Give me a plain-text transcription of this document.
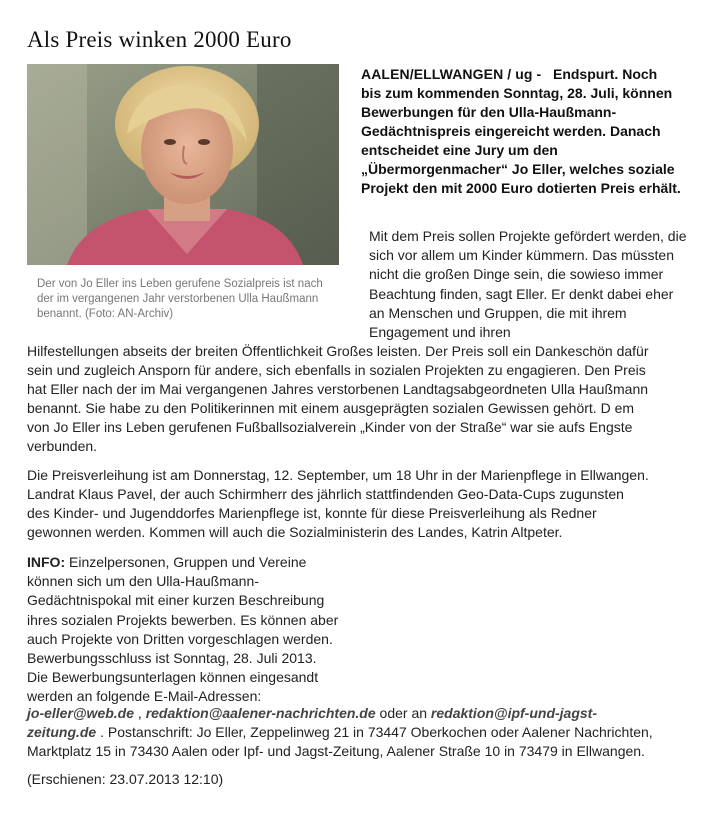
Als Preis winken 2000 Euro
Der von Jo Eller ins Leben gerufene Sozialpreis ist nach der im vergangenen Jahr verstorbenen Ulla Haußmann benannt. (Foto: AN-Archiv)
AALEN/ELLWANGEN / ug - Endspurt. Noch bis zum kommenden Sonntag, 28. Juli, können Bewerbungen für den Ulla-Haußmann-Gedächtnispreis eingereicht werden. Danach entscheidet eine Jury um den „Übermorgenmacher“ Jo Eller, welches soziale Projekt den mit 2000 Euro dotierten Preis erhält.
Mit dem Preis sollen Projekte gefördert werden, die sich vor allem um Kinder kümmern. Das müssten nicht die großen Dinge sein, die sowieso immer Beachtung finden, sagt Eller. Er denkt dabei eher an Menschen und Gruppen, die mit ihrem Engagement und ihren
Hilfestellungen abseits der breiten Öffentlichkeit Großes leisten. Der Preis soll ein Dankeschön dafür
sein und zugleich Ansporn für andere, sich ebenfalls in sozialen Projekten zu engagieren. Den Preis
hat Eller nach der im Mai vergangenen Jahres verstorbenen Landtagsabgeordneten Ulla Haußmann
benannt. Sie habe zu den Politikerinnen mit einem ausgeprägten sozialen Gewissen gehört. D em
von Jo Eller ins Leben gerufenen Fußballsozialverein „Kinder von der Straße“ war sie aufs Engste
verbunden.
Die Preisverleihung ist am Donnerstag, 12. September, um 18 Uhr in der Marienpflege in Ellwangen.
Landrat Klaus Pavel, der auch Schirmherr des jährlich stattfindenden Geo-Data-Cups zugunsten
des Kinder- und Jugenddorfes Marienpflege ist, konnte für diese Preisverleihung als Redner
gewonnen werden. Kommen will auch die Sozialministerin des Landes, Katrin Altpeter.
INFO: Einzelpersonen, Gruppen und Vereine können sich um den Ulla-Haußmann-Gedächtnispokal mit einer kurzen Beschreibung ihres sozialen Projekts bewerben. Es können aber auch Projekte von Dritten vorgeschlagen werden. Bewerbungsschluss ist Sonntag, 28. Juli 2013. Die Bewerbungsunterlagen können eingesandt werden an folgende E-Mail-Adressen:
jo-eller@web.de , redaktion@aalener-nachrichten.de oder an redaktion@ipf-und-jagst-
zeitung.de . Postanschrift: Jo Eller, Zeppelinweg 21 in 73447 Oberkochen oder Aalener Nachrichten,
Marktplatz 15 in 73430 Aalen oder Ipf- und Jagst-Zeitung, Aalener Straße 10 in 73479 in Ellwangen.
(Erschienen: 23.07.2013 12:10)
